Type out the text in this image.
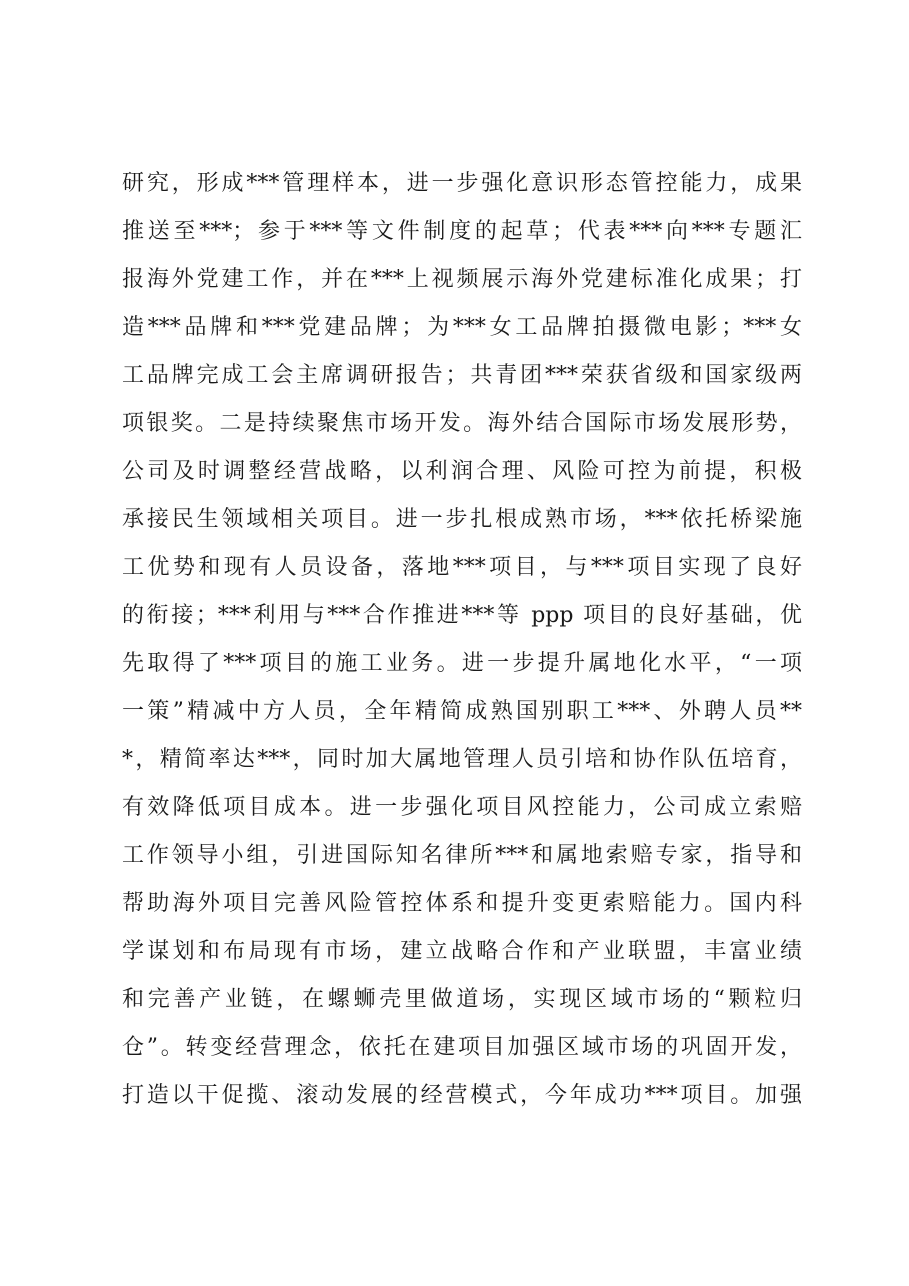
研究，形成***管理样本，进一步强化意识形态管控能力，成果
推送至***；参于***等文件制度的起草；代表***向***专题汇
报海外党建工作，并在***上视频展示海外党建标准化成果；打
造***品牌和***党建品牌；为***女工品牌拍摄微电影；***女
工品牌完成工会主席调研报告；共青团***荣获省级和国家级两
项银奖。二是持续聚焦市场开发。海外结合国际市场发展形势，
公司及时调整经营战略，以利润合理、风险可控为前提，积极
承接民生领域相关项目。进一步扎根成熟市场，***依托桥梁施
工优势和现有人员设备，落地***项目，与***项目实现了良好
的衔接；***利用与***合作推进***等 ppp 项目的良好基础，优
先取得了***项目的施工业务。进一步提升属地化水平，“一项
一策”精减中方人员，全年精简成熟国别职工***、外聘人员**
*，精简率达***，同时加大属地管理人员引培和协作队伍培育，
有效降低项目成本。进一步强化项目风控能力，公司成立索赔
工作领导小组，引进国际知名律所***和属地索赔专家，指导和
帮助海外项目完善风险管控体系和提升变更索赔能力。国内科
学谋划和布局现有市场，建立战略合作和产业联盟，丰富业绩
和完善产业链，在螺蛳壳里做道场，实现区域市场的“颗粒归
仓”。转变经营理念，依托在建项目加强区域市场的巩固开发，
打造以干促揽、滚动发展的经营模式，今年成功***项目。加强
